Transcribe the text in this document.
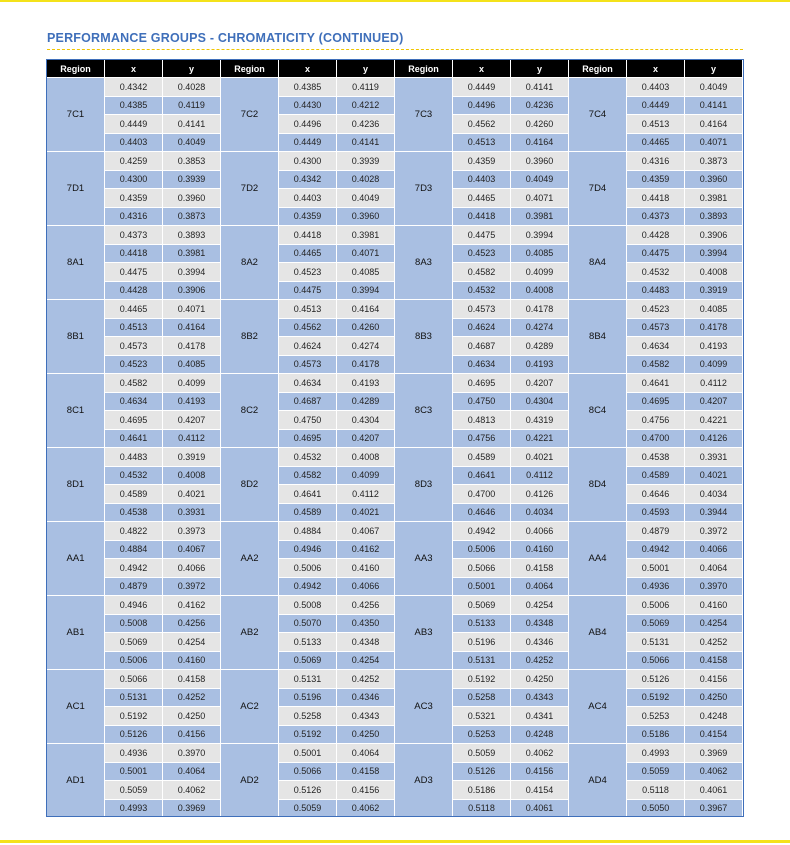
PERFORMANCE GROUPS - CHROMATICITY (CONTINUED)
Region	x	y	Region	x	y	Region	x	y	Region	x	y
7C1	0.4342	0.4028	7C2	0.4385	0.4119	7C3	0.4449	0.4141	7C4	0.4403	0.4049
	0.4385	0.4119		0.4430	0.4212		0.4496	0.4236		0.4449	0.4141
	0.4449	0.4141		0.4496	0.4236		0.4562	0.4260		0.4513	0.4164
	0.4403	0.4049		0.4449	0.4141		0.4513	0.4164		0.4465	0.4071
7D1	0.4259	0.3853	7D2	0.4300	0.3939	7D3	0.4359	0.3960	7D4	0.4316	0.3873
	0.4300	0.3939		0.4342	0.4028		0.4403	0.4049		0.4359	0.3960
	0.4359	0.3960		0.4403	0.4049		0.4465	0.4071		0.4418	0.3981
	0.4316	0.3873		0.4359	0.3960		0.4418	0.3981		0.4373	0.3893
8A1	0.4373	0.3893	8A2	0.4418	0.3981	8A3	0.4475	0.3994	8A4	0.4428	0.3906
	0.4418	0.3981		0.4465	0.4071		0.4523	0.4085		0.4475	0.3994
	0.4475	0.3994		0.4523	0.4085		0.4582	0.4099		0.4532	0.4008
	0.4428	0.3906		0.4475	0.3994		0.4532	0.4008		0.4483	0.3919
8B1	0.4465	0.4071	8B2	0.4513	0.4164	8B3	0.4573	0.4178	8B4	0.4523	0.4085
	0.4513	0.4164		0.4562	0.4260		0.4624	0.4274		0.4573	0.4178
	0.4573	0.4178		0.4624	0.4274		0.4687	0.4289		0.4634	0.4193
	0.4523	0.4085		0.4573	0.4178		0.4634	0.4193		0.4582	0.4099
8C1	0.4582	0.4099	8C2	0.4634	0.4193	8C3	0.4695	0.4207	8C4	0.4641	0.4112
	0.4634	0.4193		0.4687	0.4289		0.4750	0.4304		0.4695	0.4207
	0.4695	0.4207		0.4750	0.4304		0.4813	0.4319		0.4756	0.4221
	0.4641	0.4112		0.4695	0.4207		0.4756	0.4221		0.4700	0.4126
8D1	0.4483	0.3919	8D2	0.4532	0.4008	8D3	0.4589	0.4021	8D4	0.4538	0.3931
	0.4532	0.4008		0.4582	0.4099		0.4641	0.4112		0.4589	0.4021
	0.4589	0.4021		0.4641	0.4112		0.4700	0.4126		0.4646	0.4034
	0.4538	0.3931		0.4589	0.4021		0.4646	0.4034		0.4593	0.3944
AA1	0.4822	0.3973	AA2	0.4884	0.4067	AA3	0.4942	0.4066	AA4	0.4879	0.3972
	0.4884	0.4067		0.4946	0.4162		0.5006	0.4160		0.4942	0.4066
	0.4942	0.4066		0.5006	0.4160		0.5066	0.4158		0.5001	0.4064
	0.4879	0.3972		0.4942	0.4066		0.5001	0.4064		0.4936	0.3970
AB1	0.4946	0.4162	AB2	0.5008	0.4256	AB3	0.5069	0.4254	AB4	0.5006	0.4160
	0.5008	0.4256		0.5070	0.4350		0.5133	0.4348		0.5069	0.4254
	0.5069	0.4254		0.5133	0.4348		0.5196	0.4346		0.5131	0.4252
	0.5006	0.4160		0.5069	0.4254		0.5131	0.4252		0.5066	0.4158
AC1	0.5066	0.4158	AC2	0.5131	0.4252	AC3	0.5192	0.4250	AC4	0.5126	0.4156
	0.5131	0.4252		0.5196	0.4346		0.5258	0.4343		0.5192	0.4250
	0.5192	0.4250		0.5258	0.4343		0.5321	0.4341		0.5253	0.4248
	0.5126	0.4156		0.5192	0.4250		0.5253	0.4248		0.5186	0.4154
AD1	0.4936	0.3970	AD2	0.5001	0.4064	AD3	0.5059	0.4062	AD4	0.4993	0.3969
	0.5001	0.4064		0.5066	0.4158		0.5126	0.4156		0.5059	0.4062
	0.5059	0.4062		0.5126	0.4156		0.5186	0.4154		0.5118	0.4061
	0.4993	0.3969		0.5059	0.4062		0.5118	0.4061		0.5050	0.3967
